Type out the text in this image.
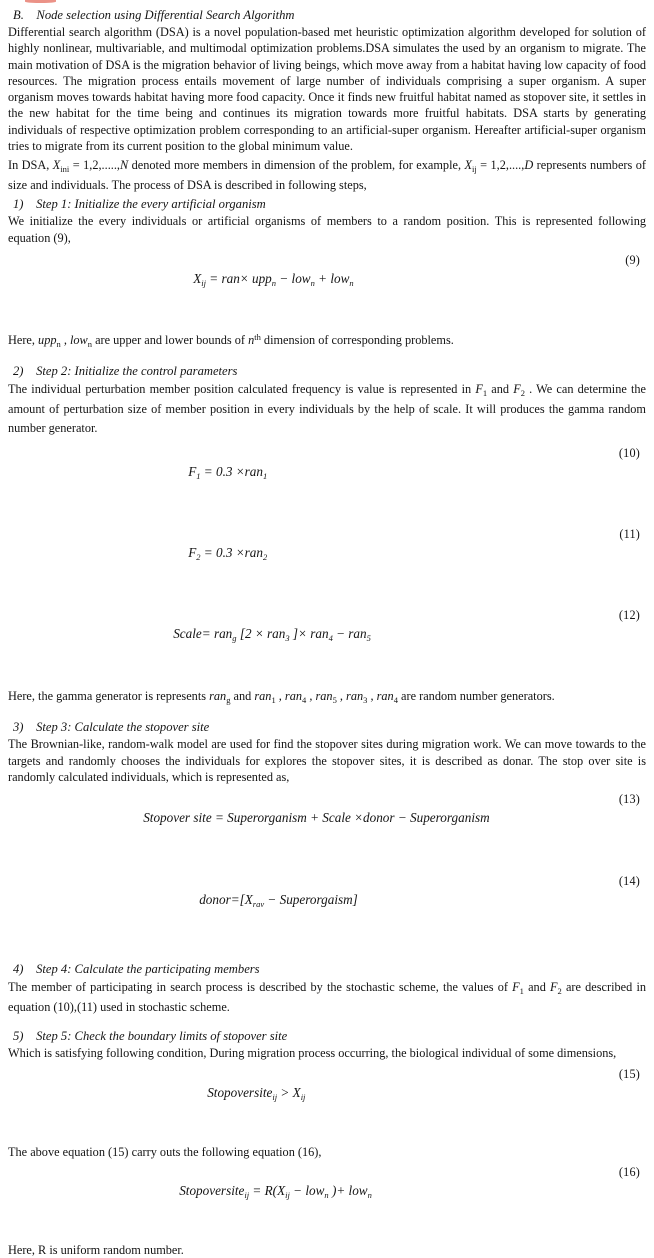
B.    Node selection using Differential Search Algorithm

Differential search algorithm (DSA) is a novel population-based met heuristic optimization algorithm developed for solution of highly nonlinear, multivariable, and multimodal optimization problems.DSA simulates the used by an organism to migrate. The main motivation of DSA is the migration behavior of living beings, which move away from a habitat having low capacity of food resources. The migration process entails movement of large number of individuals comprising a super organism. A super organism moves towards habitat having more food capacity. Once it finds new fruitful habitat named as stopover site, it settles in the new habitat for the time being and continues its migration towards more fruitful habitats. DSA starts by generating individuals of respective optimization problem corresponding to an artificial-super organism. Hereafter artificial-super organism tries to migrate from its current position to the global minimum value.

In DSA, $X_{ini} = 1,2,.....,N$ denoted more members in dimension of the problem, for example, $X_{ij} = 1,2,....,D$ represents numbers of size and individuals. The process of DSA is described in following steps,

1)    Step 1: Initialize the every artificial organism

We initialize the every individuals or artificial organisms of members to a random position. This is represented following equation (9),

$X_{ij} = ran\times upp_n - low_n + low_n$

(9)

Here, upp$_n$ , low$_n$ are upper and lower bounds of $n^{th}$ dimension of corresponding problems.

2)    Step 2: Initialize the control parameters

The individual perturbation member position calculated frequency is value is represented in $F_1$ and $F_2$ . We can determine the amount of perturbation size of member position in every individuals by the help of scale. It will produces the gamma random number generator.

$F_1 = 0.3 \times ran_1$

(10)

$F_2 = 0.3 \times ran_2$

(11)

Scale= ran$_g$ [2 × ran$_3$ ]× ran$_4$ − ran$_5$

(12)

Here, the gamma generator is represents ran$_g$ and ran$_1$ , ran$_4$ , ran$_5$ , ran$_3$ , ran$_4$ are random number generators.

3)    Step 3: Calculate the stopover site

The Brownian-like, random-walk model are used for find the stopover sites during migration work. We can move towards to the targets and randomly chooses the individuals for explores the stopover sites, it is described as donar. The stop over site is randomly calculated individuals, which is represented as,

Stopover site = Superorganism + Scale ×donor − Superorganism

(13)

$donor=[X_{rav}$ − Superorgaism]

(14)

4)    Step 4: Calculate the participating members

The member of participating in search process is described by the stochastic scheme, the values of $F_1$ and $F_2$ are described in equation (10),(11) used in stochastic scheme.

5)    Step 5: Check the boundary limits of stopover site

Which is satisfying following condition, During migration process occurring, the biological individual of some dimensions,

Stopoversite$_{ij}$ > $X_{ij}$

(15)

The above equation (15) carry outs the following equation (16),

Stopoversite$_{ij}$ = $R(X_{ij} - low_n$ )+ low$_n$

(16)

Here, R is uniform random number.
